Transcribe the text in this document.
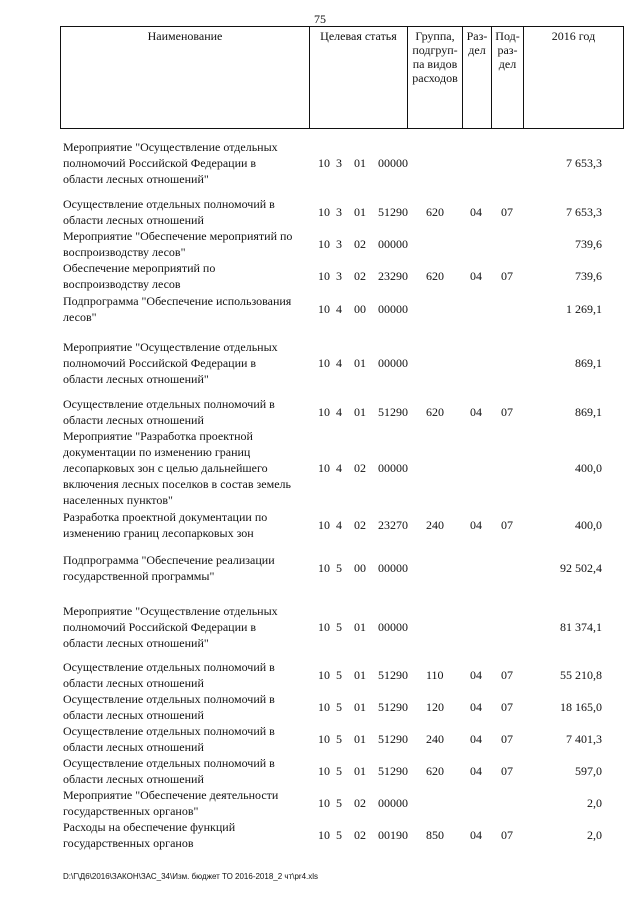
75
Наименование	Целевая статья	Группа,
подгруп-
па видов
расходов	Раз-
дел	Под-
раз-
дел	2016 год
Мероприятие "Осуществление отдельных
полномочий Российской Федерации в
области лесных отношений"
10 3 01 00000	7 653,3
Осуществление отдельных полномочий в
области лесных отношений
10 3 01 51290 620 04 07	7 653,3
Мероприятие "Обеспечение мероприятий по
воспроизводству лесов"
10 3 02 00000	739,6
Обеспечение мероприятий по
воспроизводству лесов
10 3 02 23290 620 04 07	739,6
Подпрограмма "Обеспечение использования
лесов"
10 4 00 00000	1 269,1
Мероприятие "Осуществление отдельных
полномочий Российской Федерации в
области лесных отношений"
10 4 01 00000	869,1
Осуществление отдельных полномочий в
области лесных отношений
10 4 01 51290 620 04 07	869,1
Мероприятие "Разработка проектной
документации по изменению границ
лесопарковых зон с целью дальнейшего
включения лесных поселков в состав земель
населенных пунктов"
10 4 02 00000	400,0
Разработка проектной документации по
изменению границ лесопарковых зон
10 4 02 23270 240 04 07	400,0
Подпрограмма "Обеспечение реализации
государственной программы"
10 5 00 00000	92 502,4
Мероприятие "Осуществление отдельных
полномочий Российской Федерации в
области лесных отношений"
10 5 01 00000	81 374,1
Осуществление отдельных полномочий в
области лесных отношений
10 5 01 51290 110 04 07	55 210,8
Осуществление отдельных полномочий в
области лесных отношений
10 5 01 51290 120 04 07	18 165,0
Осуществление отдельных полномочий в
области лесных отношений
10 5 01 51290 240 04 07	7 401,3
Осуществление отдельных полномочий в
области лесных отношений
10 5 01 51290 620 04 07	597,0
Мероприятие "Обеспечение деятельности
государственных органов"
10 5 02 00000	2,0
Расходы на обеспечение функций
государственных органов
10 5 02 00190 850 04 07	2,0
D:\Г\Д6\2016\ЗАКОН\ЗАС_34\Изм. бюджет ТО 2016-2018_2 чт\pr4.xls
